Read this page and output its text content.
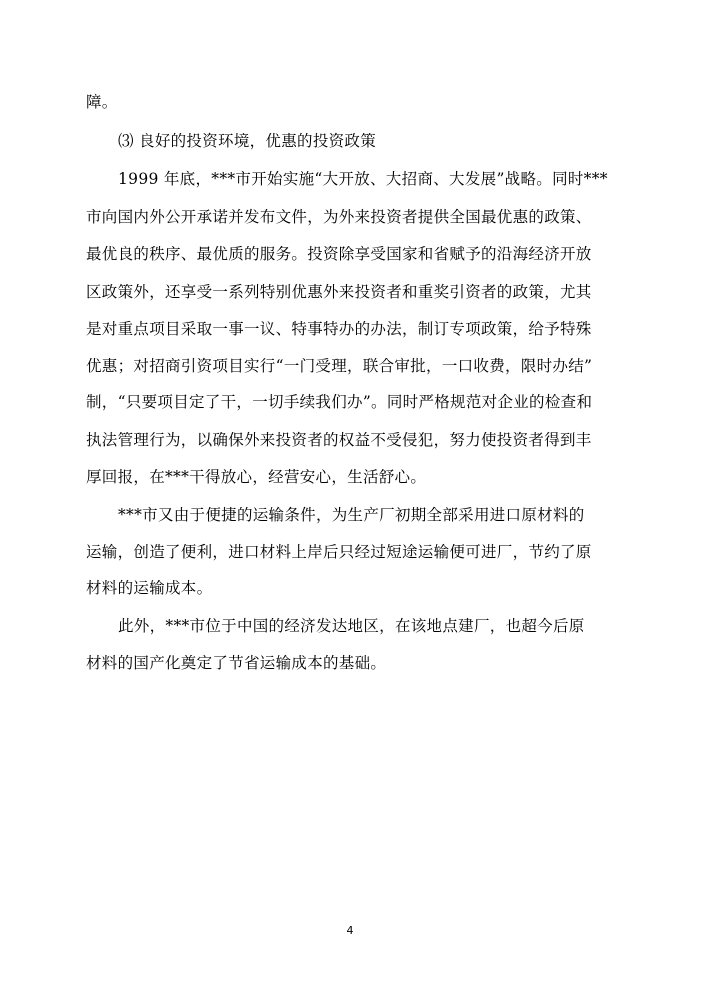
障。
⑶ 良好的投资环境，优惠的投资政策
1999 年底，***市开始实施“大开放、大招商、大发展”战略。同时***
市向国内外公开承诺并发布文件，为外来投资者提供全国最优惠的政策、
最优良的秩序、最优质的服务。投资除享受国家和省赋予的沿海经济开放
区政策外，还享受一系列特别优惠外来投资者和重奖引资者的政策，尤其
是对重点项目采取一事一议、特事特办的办法，制订专项政策，给予特殊
优惠；对招商引资项目实行“一门受理，联合审批，一口收费，限时办结”
制，“只要项目定了干，一切手续我们办”。同时严格规范对企业的检查和
执法管理行为，以确保外来投资者的权益不受侵犯，努力使投资者得到丰
厚回报，在***干得放心，经营安心，生活舒心。
***市又由于便捷的运输条件，为生产厂初期全部采用进口原材料的
运输，创造了便利，进口材料上岸后只经过短途运输便可进厂，节约了原
材料的运输成本。
此外，***市位于中国的经济发达地区，在该地点建厂，也超今后原
材料的国产化奠定了节省运输成本的基础。
4
